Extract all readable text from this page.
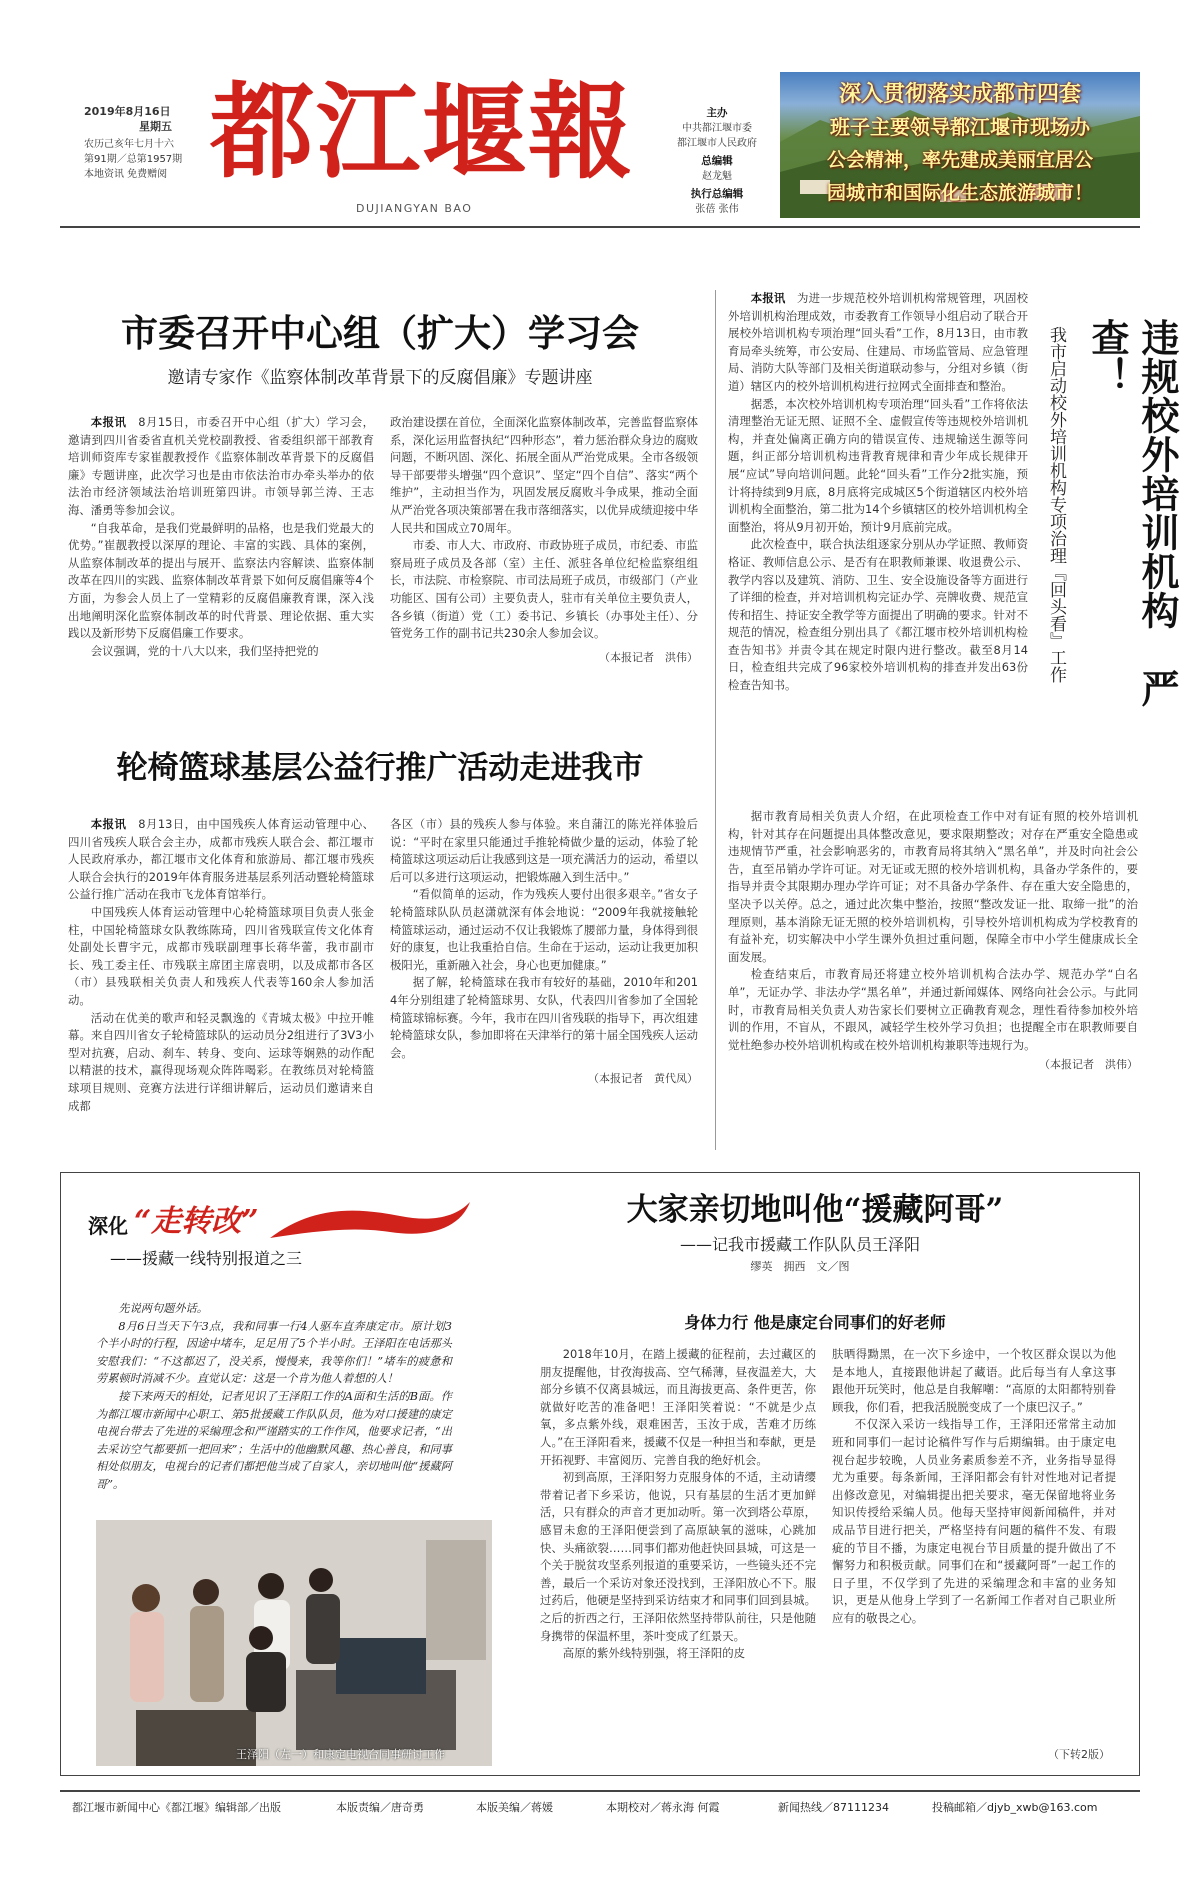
2019年8月16日
星期五
农历己亥年七月十六
第91期／总第1957期
本地资讯 免费赠阅 都江堰報
DUJIANGYAN BAO
主办
中共都江堰市委
都江堰市人民政府
总编辑
赵龙魁
执行总编辑
张蓓 张伟
深入贯彻落实成都市四套
班子主要领导都江堰市现场办
公会精神，率先建成美丽宜居公
园城市和国际化生态旅游城市！
市委召开中心组（扩大）学习会
邀请专家作《监察体制改革背景下的反腐倡廉》专题讲座

本报讯　 8月15日，市委召开中心组（扩大）学习会，邀请到四川省委省直机关党校副教授、省委组织部干部教育培训师资库专家崔靓教授作《监察体制改革背景下的反腐倡廉》专题讲座，此次学习也是由市依法治市办牵头举办的依法治市经济领域法治培训班第四讲。市领导郭兰涛、王志海、潘勇等参加会议。

“自我革命，是我们党最鲜明的品格，也是我们党最大的优势。”崔靓教授以深厚的理论、丰富的实践、具体的案例，从监察体制改革的提出与展开、监察法内容解读、监察体制改革在四川的实践、监察体制改革背景下如何反腐倡廉等4个方面，为参会人员上了一堂精彩的反腐倡廉教育课，深入浅出地阐明深化监察体制改革的时代背景、理论依据、重大实践以及新形势下反腐倡廉工作要求。

会议强调，党的十八大以来，我们坚持把党的

政治建设摆在首位，全面深化监察体制改革，完善监督监察体系，深化运用监督执纪“四种形态”，着力惩治群众身边的腐败问题，不断巩固、深化、拓展全面从严治党成果。全市各级领导干部要带头增强“四个意识”、坚定“四个自信”、落实“两个维护”，主动担当作为，巩固发展反腐败斗争成果，推动全面从严治党各项决策部署在我市落细落实，以优异成绩迎接中华人民共和国成立70周年。

市委、市人大、市政府、市政协班子成员，市纪委、市监察局班子成员及各部（室）主任、派驻各单位纪检监察组组长，市法院、市检察院、市司法局班子成员，市级部门（产业功能区、国有公司）主要负责人，驻市有关单位主要负责人，各乡镇（街道）党（工）委书记、乡镇长（办事处主任）、分管党务工作的副书记共230余人参加会议。

（本报记者　洪伟）
轮椅篮球基层公益行推广活动走进我市

本报讯　 8月13日，由中国残疾人体育运动管理中心、四川省残疾人联合会主办，成都市残疾人联合会、都江堰市人民政府承办，都江堰市文化体育和旅游局、都江堰市残疾人联合会执行的2019年体育服务进基层系列活动暨轮椅篮球公益行推广活动在我市飞龙体育馆举行。

中国残疾人体育运动管理中心轮椅篮球项目负责人张金柱，中国轮椅篮球女队教练陈琦，四川省残联宣传文化体育处副处长曹宇元，成都市残联副理事长蒋华蕾，我市副市长、残工委主任、市残联主席团主席袁明，以及成都市各区（市）县残联相关负责人和残疾人代表等160余人参加活动。

活动在优美的歌声和轻灵飘逸的《青城太极》中拉开帷幕。来自四川省女子轮椅篮球队的运动员分2组进行了3V3小型对抗赛，启动、刹车、转身、变向、运球等娴熟的动作配以精湛的技术，赢得现场观众阵阵喝彩。在教练员对轮椅篮球项目规则、竞赛方法进行详细讲解后，运动员们邀请来自成都

各区（市）县的残疾人参与体验。来自蒲江的陈光祥体验后说：“平时在家里只能通过手推轮椅做少量的运动，体验了轮椅篮球这项运动后让我感到这是一项充满活力的运动，希望以后可以多进行这项运动，把锻炼融入到生活中。”

“看似简单的运动，作为残疾人要付出很多艰辛。”省女子轮椅篮球队队员赵潇就深有体会地说：“2009年我就接触轮椅篮球运动，通过运动不仅让我锻炼了腰部力量，身体得到很好的康复，也让我重拾自信。生命在于运动，运动让我更加积极阳光，重新融入社会，身心也更加健康。”

据了解，轮椅篮球在我市有较好的基础，2010年和2014年分别组建了轮椅篮球男、女队，代表四川省参加了全国轮椅篮球锦标赛。今年，我市在四川省残联的指导下，再次组建轮椅篮球女队，参加即将在天津举行的第十届全国残疾人运动会。

（本报记者　黄代凤）

本报讯　 为进一步规范校外培训机构常规管理，巩固校外培训机构治理成效，市委教育工作领导小组启动了联合开展校外培训机构专项治理“回头看”工作，8月13日，由市教育局牵头统筹，市公安局、住建局、市场监管局、应急管理局、消防大队等部门及相关街道联动参与，分组对乡镇（街道）辖区内的校外培训机构进行拉网式全面排查和整治。

据悉，本次校外培训机构专项治理“回头看”工作将依法清理整治无证无照、证照不全、虚假宣传等违规校外培训机构，并査处偏离正确方向的错误宣传、违规输送生源等问题，纠正部分培训机构违背教育规律和青少年成长规律开展“应试”导向培训问题。此轮“回头看”工作分2批实施，预计将持续到9月底，8月底将完成城区5个街道辖区内校外培训机构全面整治，第二批为14个乡镇辖区的校外培训机构全面整治，将从9月初开始，预计9月底前完成。

此次检查中，联合执法组逐家分别从办学证照、教师资格证、教师信息公示、是否有在职教师兼课、收退费公示、教学内容以及建筑、消防、卫生、安全设施设备等方面进行了详细的检查，并对培训机构完证办学、亮牌收费、规范宣传和招生、持证安全教学等方面提出了明确的要求。针对不规范的情况，检查组分别出具了《都江堰市校外培训机构检查告知书》并责令其在规定时限内进行整改。截至8月14日，检查组共完成了96家校外培训机构的排查并发出63份检查告知书。	违规校外培训机构　严查！
我市启动校外培训机构专项治理『回头看』工作

据市教育局相关负责人介绍，在此项检查工作中对有证有照的校外培训机构，针对其存在问题提出具体整改意见，要求限期整改；对存在严重安全隐患或违规情节严重，社会影响恶劣的，市教育局将其纳入“黑名单”，并及时向社会公告，直至吊销办学许可证。对无证或无照的校外培训机构，具备办学条件的，要指导并责令其限期办理办学许可证；对不具备办学条件、存在重大安全隐患的，坚决予以关停。总之，通过此次集中整治，按照“整改发证一批、取缔一批”的治理原则，基本消除无证无照的校外培训机构，引导校外培训机构成为学校教育的有益补充，切实解决中小学生课外负担过重问题，保障全市中小学生健康成长全面发展。

检查结束后，市教育局还将建立校外培训机构合法办学、规范办学“白名单”，无证办学、非法办学“黑名单”，并通过新闻媒体、网络向社会公示。与此同时，市教育局相关负责人劝告家长们要树立正确教育观念，理性看待参加校外培训的作用，不盲从，不跟风，减轻学生校外学习负担；也提醒全市在职教师要自觉杜绝参办校外培训机构或在校外培训机构兼职等违规行为。

（本报记者　洪伟）
深化 “走转改”
——援藏一线特别报道之三

先说两句题外话。

8月6日当天下午3点，我和同事一行4人驱车直奔康定市。原计划3个半小时的行程，因途中堵车，足足用了5个半小时。王泽阳在电话那头安慰我们：“不这都迟了，没关系，慢慢来，我等你们！”堵车的疲惫和劳累顿时消减不少。直觉认定：这是一个肯为他人着想的人！

接下来两天的相处，记者见识了王泽阳工作的A面和生活的B面。作为都江堰市新闻中心职工、第5批援藏工作队队员，他为对口援建的康定电视台带去了先进的采编理念和严谨踏实的工作作风，他要求记者，“出去采访空气都要抓一把回来”；生活中的他幽默风趣、热心善良，和同事相处似朋友，电视台的记者们都把他当成了自家人，亲切地叫他“援藏阿哥”。

王泽阳（左一）和康定电视台同事研讨工作
大家亲切地叫他“援藏阿哥”
——记我市援藏工作队队员王泽阳
缪英　拥西　文／图
身体力行 他是康定台同事们的好老师

2018年10月，在踏上援藏的征程前，去过藏区的朋友提醒他，甘孜海拔高、空气稀薄，昼夜温差大，大部分乡镇不仅离县城远，而且海拔更高、条件更苦，你就做好吃苦的准备吧！王泽阳笑着说：“不就是少点氧，多点紫外线，艰难困苦，玉汝于成，苦难才历练人。”在王泽阳看来，援藏不仅是一种担当和奉献，更是开拓视野、丰富阅历、完善自我的绝好机会。

初到高原，王泽阳努力克服身体的不适，主动请缨带着记者下乡采访，他说，只有基层的生活才更加鲜活，只有群众的声音才更加动听。第一次到塔公草原，感冒未愈的王泽阳便尝到了高原缺氧的滋味，心跳加快、头痛欲裂……同事们都劝他赶快回县城，可这是一个关于脱贫攻坚系列报道的重要采访，一些镜头还不完善，最后一个采访对象还没找到，王泽阳放心不下。服过药后，他硬是坚持到采访结束才和同事们回到县城。之后的折西之行，王泽阳依然坚持带队前往，只是他随身携带的保温杯里，茶叶变成了红景天。

高原的紫外线特别强，将王泽阳的皮

肤晒得黝黑，在一次下乡途中，一个牧区群众误以为他是本地人，直接跟他讲起了藏语。此后每当有人拿这事跟他开玩笑时，他总是自我解嘲：“高原的太阳都特别眷顾我，你们看，把我活脱脱变成了一个康巴汉子。”

不仅深入采访一线指导工作，王泽阳还常常主动加班和同事们一起讨论稿件写作与后期编辑。由于康定电视台起步较晚，人员业务素质参差不齐，业务指导显得尤为重要。每条新闻，王泽阳都会有针对性地对记者提出修改意见，对编辑提出把关要求，毫无保留地将业务知识传授给采编人员。他每天坚持审阅新闻稿件，并对成品节目进行把关，严格坚持有问题的稿件不发、有瑕疵的节目不播，为康定电视台节目质量的提升做出了不懈努力和积极贡献。同事们在和“援藏阿哥”一起工作的日子里，不仅学到了先进的采编理念和丰富的业务知识，更是从他身上学到了一名新闻工作者对自己职业所应有的敬畏之心。

（下转2版）
都江堰市新闻中心《都江堰》编辑部／出版	本版责编／唐奇勇	本版美编／蒋媛	本期校对／蒋永海 何霞	新闻热线／87111234	投稿邮箱／djyb_xwb@163.com
